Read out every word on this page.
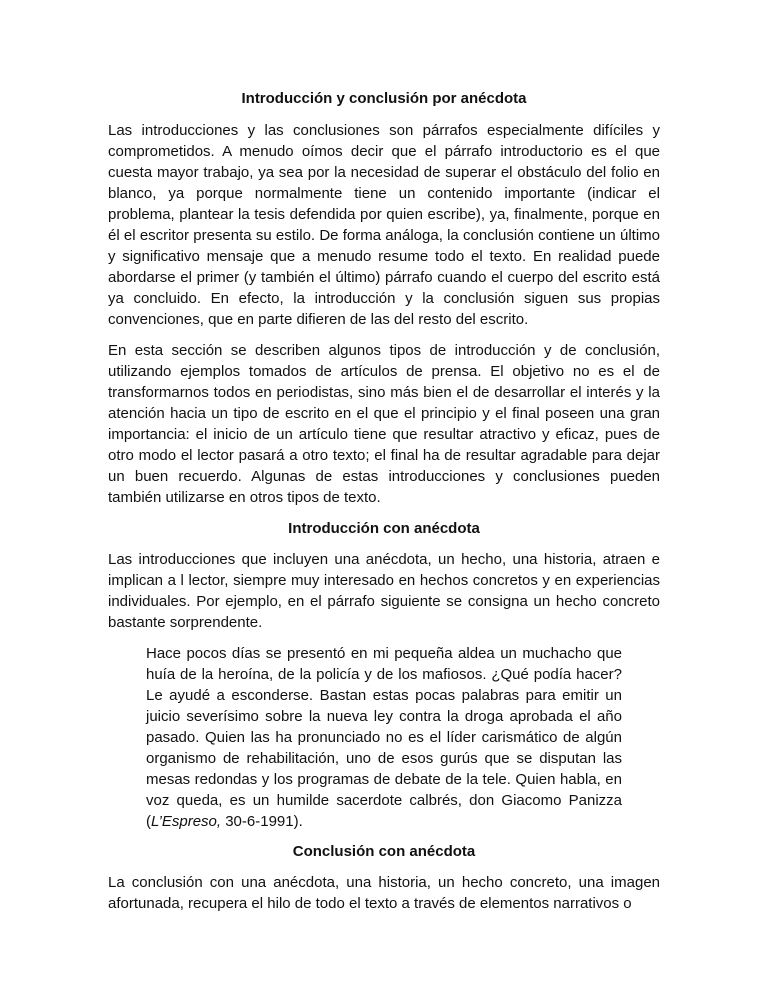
Introducción y conclusión por anécdota

Las introducciones y las conclusiones son párrafos especialmente difíciles y comprometidos. A menudo oímos decir que el párrafo introductorio es el que cuesta mayor trabajo, ya sea por la necesidad de superar el obstáculo del folio en blanco, ya porque normalmente tiene un contenido importante (indicar el problema, plantear la tesis defendida por quien escribe), ya, finalmente, porque en él el escritor presenta su estilo. De forma análoga, la conclusión contiene un último y significativo mensaje que a menudo resume todo el texto. En realidad puede abordarse el primer (y también el último) párrafo cuando el cuerpo del escrito está ya concluido. En efecto, la introducción y la conclusión siguen sus propias convenciones, que en parte difieren de las del resto del escrito.

En esta sección se describen algunos tipos de introducción y de conclusión, utilizando ejemplos tomados de artículos de prensa. El objetivo no es el de transformarnos todos en periodistas, sino más bien el de desarrollar el interés y la atención hacia un tipo de escrito en el que el principio y el final poseen una gran importancia: el inicio de un artículo tiene que resultar atractivo y eficaz, pues de otro modo el lector pasará a otro texto; el final ha de resultar agradable para dejar un buen recuerdo. Algunas de estas introducciones y conclusiones pueden también utilizarse en otros tipos de texto.

Introducción con anécdota

Las introducciones que incluyen una anécdota, un hecho, una historia, atraen e implican a l lector, siempre muy interesado en hechos concretos y en experiencias individuales. Por ejemplo, en el párrafo siguiente se consigna un hecho concreto bastante sorprendente.

Hace pocos días se presentó en mi pequeña aldea un muchacho que huía de la heroína, de la policía y de los mafiosos. ¿Qué podía hacer? Le ayudé a esconderse. Bastan estas pocas palabras para emitir un juicio severísimo sobre la nueva ley contra la droga aprobada el año pasado. Quien las ha pronunciado no es el líder carismático de algún organismo de rehabilitación, uno de esos gurús que se disputan las mesas redondas y los programas de debate de la tele. Quien habla, en voz queda, es un humilde sacerdote calbrés, don Giacomo Panizza (L’Espreso, 30-6-1991).
Conclusión con anécdota

La conclusión con una anécdota, una historia, un hecho concreto, una imagen afortunada, recupera el hilo de todo el texto a través de elementos narrativos o
